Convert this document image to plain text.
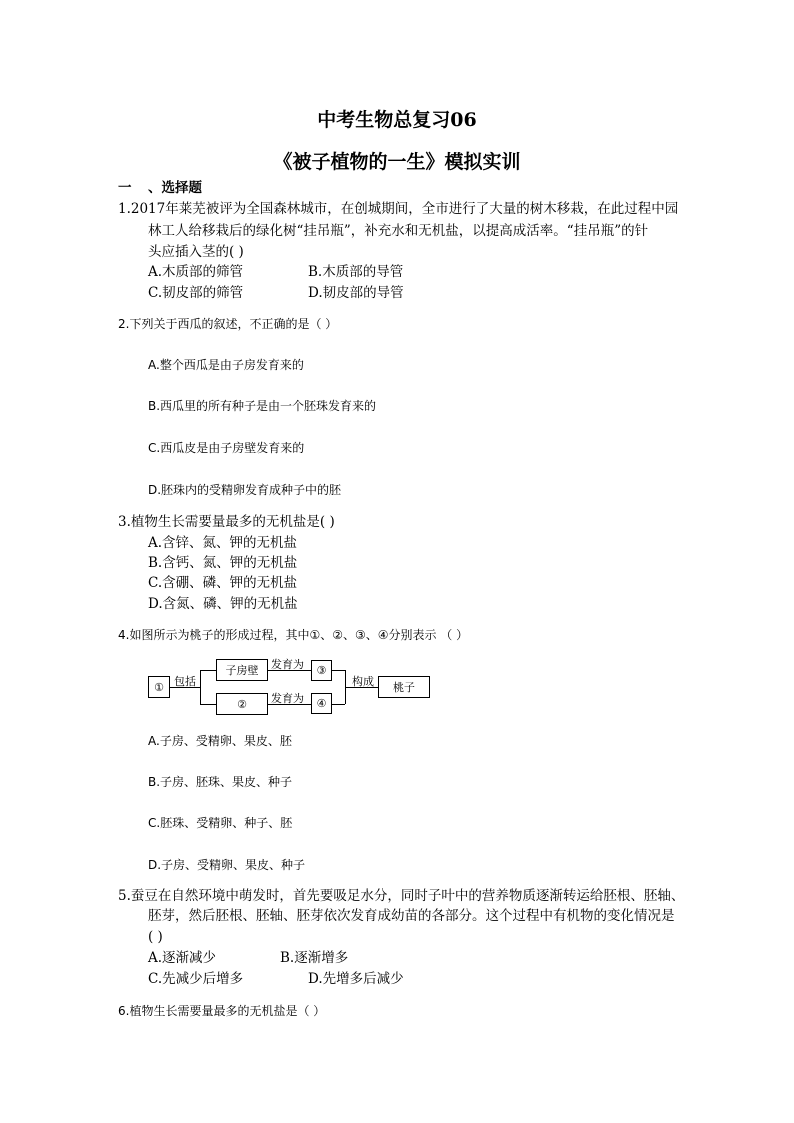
中考生物总复习06
《被子植物的一生》模拟实训
一 、选择题
1.2017年莱芜被评为全国森林城市，在创城期间，全市进行了大量的树木移栽，在此过程中园
林工人给移栽后的绿化树“挂吊瓶”，补充水和无机盐，以提高成活率。“挂吊瓶”的针
头应插入茎的( )
A.木质部的筛管	B.木质部的导管
C.韧皮部的筛管	D.韧皮部的导管
2.下列关于西瓜的叙述，不正确的是（ ）
A.整个西瓜是由子房发育来的
B.西瓜里的所有种子是由一个胚珠发育来的
C.西瓜皮是由子房壁发育来的
D.胚珠内的受精卵发育成种子中的胚
3.植物生长需要量最多的无机盐是( )
A.含锌、氮、钾的无机盐
B.含钙、氮、钾的无机盐
C.含硼、磷、钾的无机盐
D.含氮、磷、钾的无机盐
4.如图所示为桃子的形成过程，其中①、②、③、④分别表示 （ ）
① 包括
子房壁
②
发育为
发育为
③
④
构成	桃子
A.子房、受精卵、果皮、胚
B.子房、胚珠、果皮、种子
C.胚珠、受精卵、种子、胚
D.子房、受精卵、果皮、种子
5.蚕豆在自然环境中萌发时，首先要吸足水分，同时子叶中的营养物质逐渐转运给胚根、胚轴、
胚芽，然后胚根、胚轴、胚芽依次发育成幼苗的各部分。这个过程中有机物的变化情况是
( )
A.逐渐减少	B.逐渐增多
C.先减少后增多	D.先增多后减少
6.植物生长需要量最多的无机盐是（ ）
